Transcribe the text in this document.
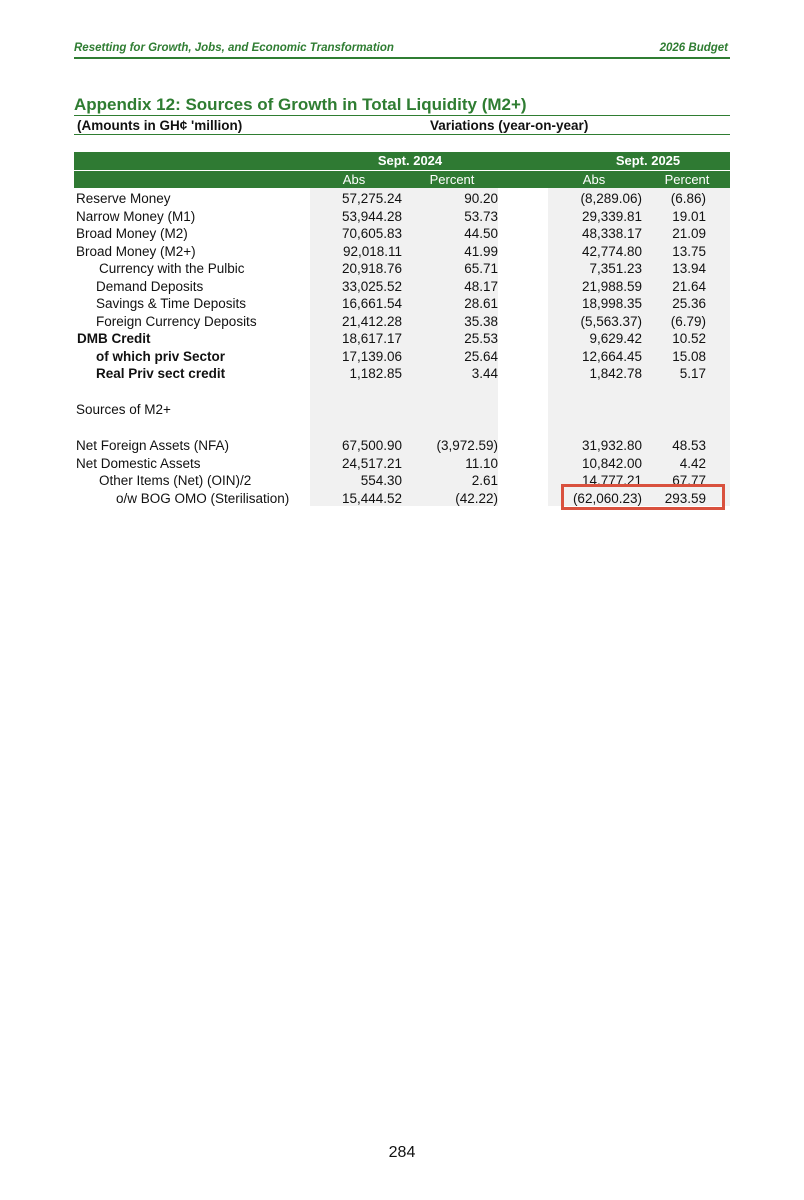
Resetting for Growth, Jobs, and Economic Transformation	2026 Budget
Appendix 12: Sources of Growth in Total Liquidity (M2+)
(Amounts in GH¢ 'million)	Variations (year-on-year)
Sept. 2024	Sept. 2025
Abs	Percent	Abs	Percent
Reserve Money	57,275.24	90.20	(8,289.06) (6.86)
Narrow Money (M1)	53,944.28	53.73	29,339.81 19.01
Broad Money (M2)	70,605.83	44.50	48,338.17 21.09
Broad Money (M2+)	92,018.11	41.99	42,774.80 13.75
Currency with the Pulbic	20,918.76	65.71	7,351.23 13.94
Demand Deposits	33,025.52	48.17	21,988.59 21.64
Savings & Time Deposits	16,661.54	28.61	18,998.35 25.36
Foreign Currency Deposits	21,412.28	35.38	(5,563.37) (6.79)
DMB Credit	18,617.17	25.53	9,629.42 10.52
of which priv Sector	17,139.06	25.64	12,664.45 15.08
Real Priv sect credit	1,182.85	3.44	1,842.78	5.17
Sources of M2+
Net Foreign Assets (NFA)	67,500.90	(3,972.59)	31,932.80 48.53
Net Domestic Assets	24,517.21	11.10	10,842.00	4.42
Other Items (Net) (OIN)/2	554.30	2.61	14,777.21 67.77
o/w BOG OMO (Sterilisation)	15,444.52	(42.22)	(62,060.23) 293.59
284
